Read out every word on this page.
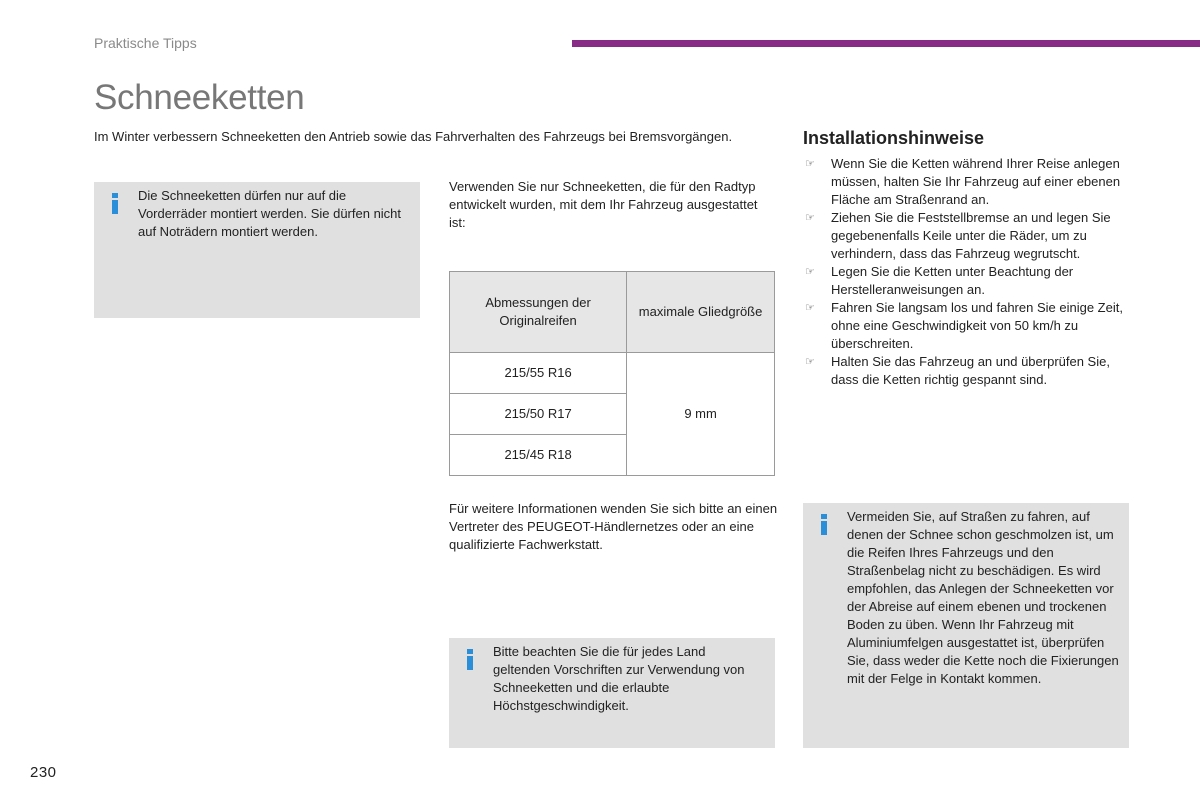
Praktische Tipps
Schneeketten
Im Winter verbessern Schneeketten den Antrieb sowie das Fahrverhalten des Fahrzeugs bei Bremsvorgängen.
Die Schneeketten dürfen nur auf die Vorderräder montiert werden. Sie dürfen nicht auf Noträdern montiert werden.
Verwenden Sie nur Schneeketten, die für den Radtyp entwickelt wurden, mit dem Ihr Fahrzeug ausgestattet ist:
Abmessungen der Originalreifen	maximale Gliedgröße
215/55 R16	9 mm
215/50 R17	
215/45 R18	
Für weitere Informationen wenden Sie sich bitte an einen Vertreter des PEUGEOT-Händlernetzes oder an eine qualifizierte Fachwerkstatt.
Bitte beachten Sie die für jedes Land geltenden Vorschriften zur Verwendung von Schneeketten und die erlaubte Höchstgeschwindigkeit.
Installationshinweise
☞ Wenn Sie die Ketten während Ihrer Reise anlegen müssen, halten Sie Ihr Fahrzeug auf einer ebenen Fläche am Straßenrand an.
☞ Ziehen Sie die Feststellbremse an und legen Sie gegebenenfalls Keile unter die Räder, um zu verhindern, dass das Fahrzeug wegrutscht.
☞ Legen Sie die Ketten unter Beachtung der Herstelleranweisungen an.
☞ Fahren Sie langsam los und fahren Sie einige Zeit, ohne eine Geschwindigkeit von 50 km/h zu überschreiten.
☞ Halten Sie das Fahrzeug an und überprüfen Sie, dass die Ketten richtig gespannt sind.
Vermeiden Sie, auf Straßen zu fahren, auf denen der Schnee schon geschmolzen ist, um die Reifen Ihres Fahrzeugs und den Straßenbelag nicht zu beschädigen. Es wird empfohlen, das Anlegen der Schneeketten vor der Abreise auf einem ebenen und trockenen Boden zu üben. Wenn Ihr Fahrzeug mit Aluminiumfelgen ausgestattet ist, überprüfen Sie, dass weder die Kette noch die Fixierungen mit der Felge in Kontakt kommen.
230
